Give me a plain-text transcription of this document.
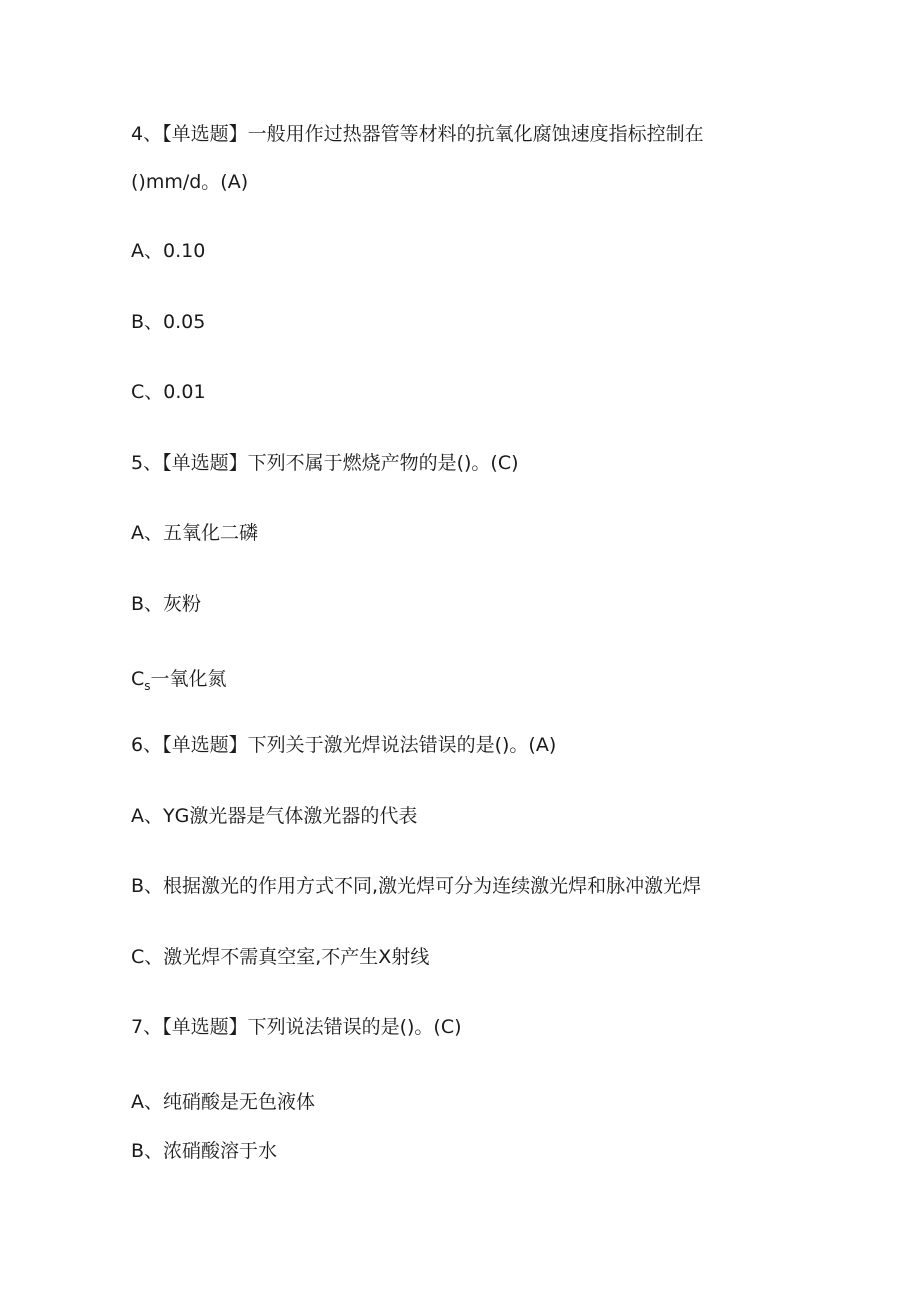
4、【单选题】一般用作过热器管等材料的抗氧化腐蚀速度指标控制在
()mm/d。(A)
A、0.10
B、0.05
C、0.01
5、【单选题】下列不属于燃烧产物的是()。(C)
A、五氧化二磷
B、灰粉
$C_s$一氧化氮
6、【单选题】下列关于激光焊说法错误的是()。(A)
A、YG激光器是气体激光器的代表
B、根据激光的作用方式不同,激光焊可分为连续激光焊和脉冲激光焊
C、激光焊不需真空室,不产生X射线
7、【单选题】下列说法错误的是()。(C)
A、纯硝酸是无色液体
B、浓硝酸溶于水
